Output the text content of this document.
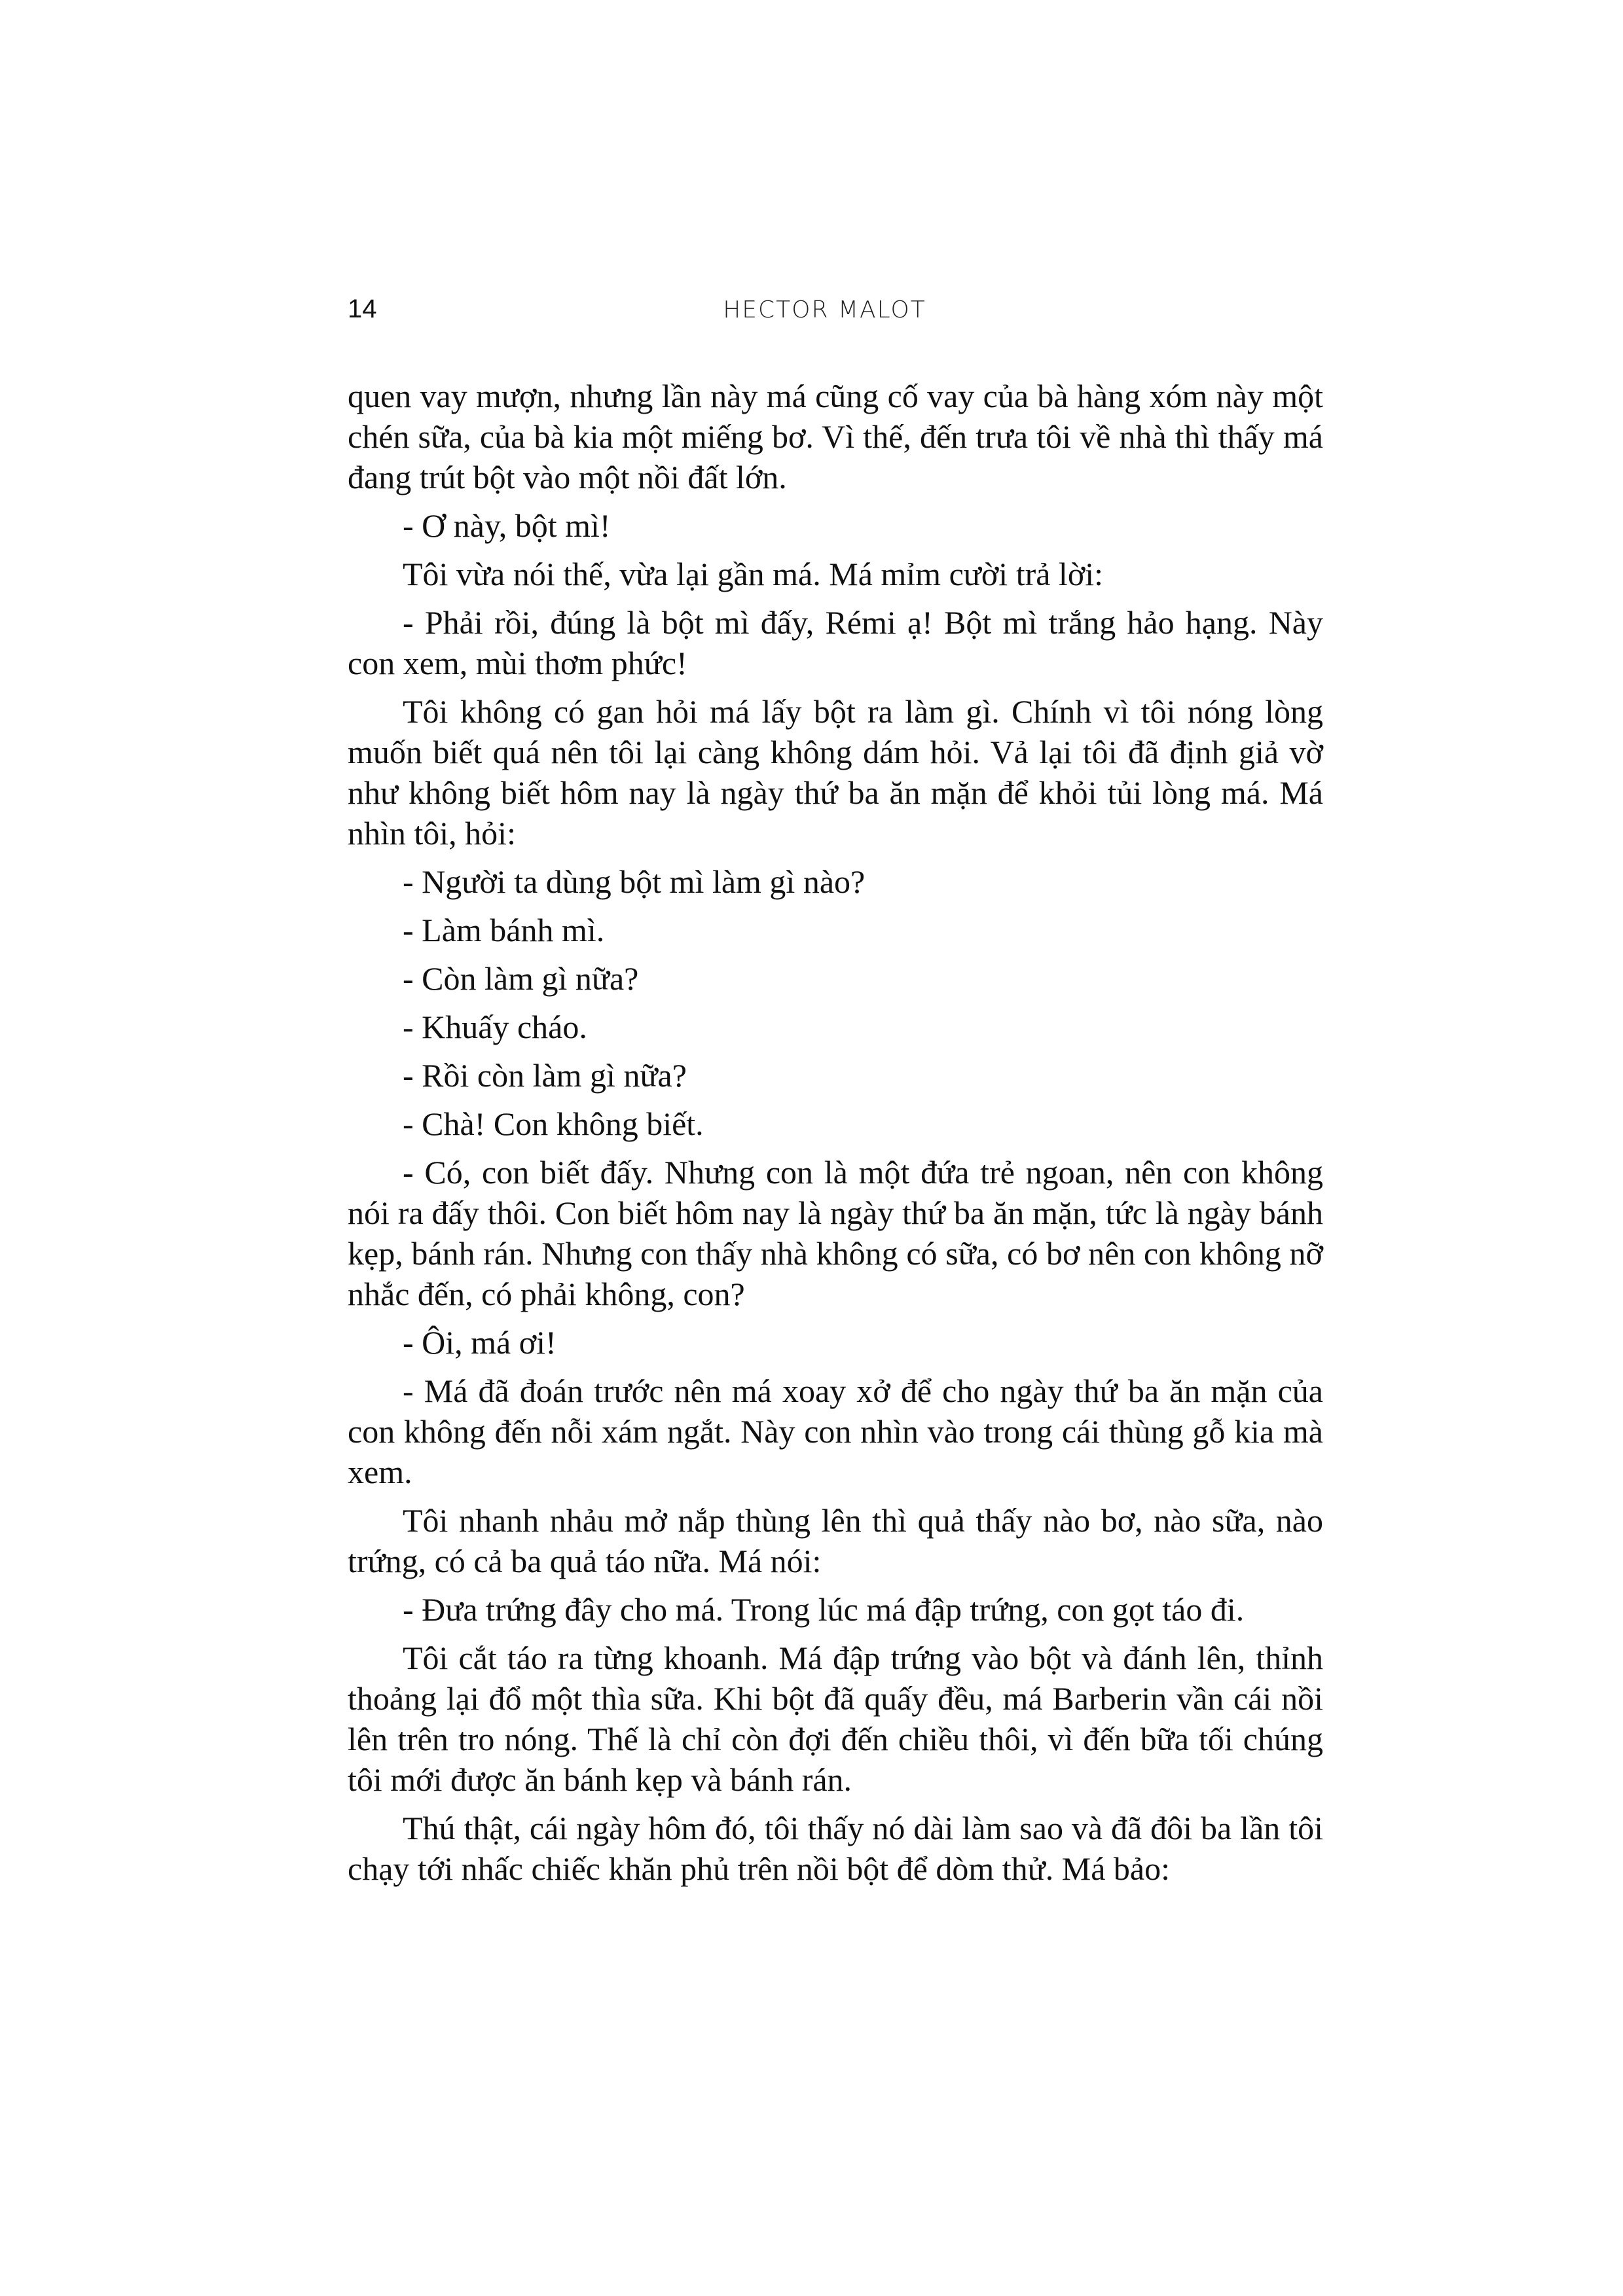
14	HECTOR MALOT

quen vay mượn, nhưng lần này má cũng cố vay của bà hàng xóm này một chén sữa, của bà kia một miếng bơ. Vì thế, đến trưa tôi về nhà thì thấy má đang trút bột vào một nồi đất lớn.

- Ơ này, bột mì!

Tôi vừa nói thế, vừa lại gần má. Má mỉm cười trả lời:

- Phải rồi, đúng là bột mì đấy, Rémi ạ! Bột mì trắng hảo hạng. Này con xem, mùi thơm phức!

Tôi không có gan hỏi má lấy bột ra làm gì. Chính vì tôi nóng lòng muốn biết quá nên tôi lại càng không dám hỏi. Vả lại tôi đã định giả vờ như không biết hôm nay là ngày thứ ba ăn mặn để khỏi tủi lòng má. Má nhìn tôi, hỏi:

- Người ta dùng bột mì làm gì nào?

- Làm bánh mì.

- Còn làm gì nữa?

- Khuấy cháo.

- Rồi còn làm gì nữa?

- Chà! Con không biết.

- Có, con biết đấy. Nhưng con là một đứa trẻ ngoan, nên con không nói ra đấy thôi. Con biết hôm nay là ngày thứ ba ăn mặn, tức là ngày bánh kẹp, bánh rán. Nhưng con thấy nhà không có sữa, có bơ nên con không nỡ nhắc đến, có phải không, con?

- Ôi, má ơi!

- Má đã đoán trước nên má xoay xở để cho ngày thứ ba ăn mặn của con không đến nỗi xám ngắt. Này con nhìn vào trong cái thùng gỗ kia mà xem.

Tôi nhanh nhảu mở nắp thùng lên thì quả thấy nào bơ, nào sữa, nào trứng, có cả ba quả táo nữa. Má nói:

- Đưa trứng đây cho má. Trong lúc má đập trứng, con gọt táo đi.

Tôi cắt táo ra từng khoanh. Má đập trứng vào bột và đánh lên, thỉnh thoảng lại đổ một thìa sữa. Khi bột đã quấy đều, má Barberin vần cái nồi lên trên tro nóng. Thế là chỉ còn đợi đến chiều thôi, vì đến bữa tối chúng tôi mới được ăn bánh kẹp và bánh rán.

Thú thật, cái ngày hôm đó, tôi thấy nó dài làm sao và đã đôi ba lần tôi chạy tới nhấc chiếc khăn phủ trên nồi bột để dòm thử. Má bảo:
